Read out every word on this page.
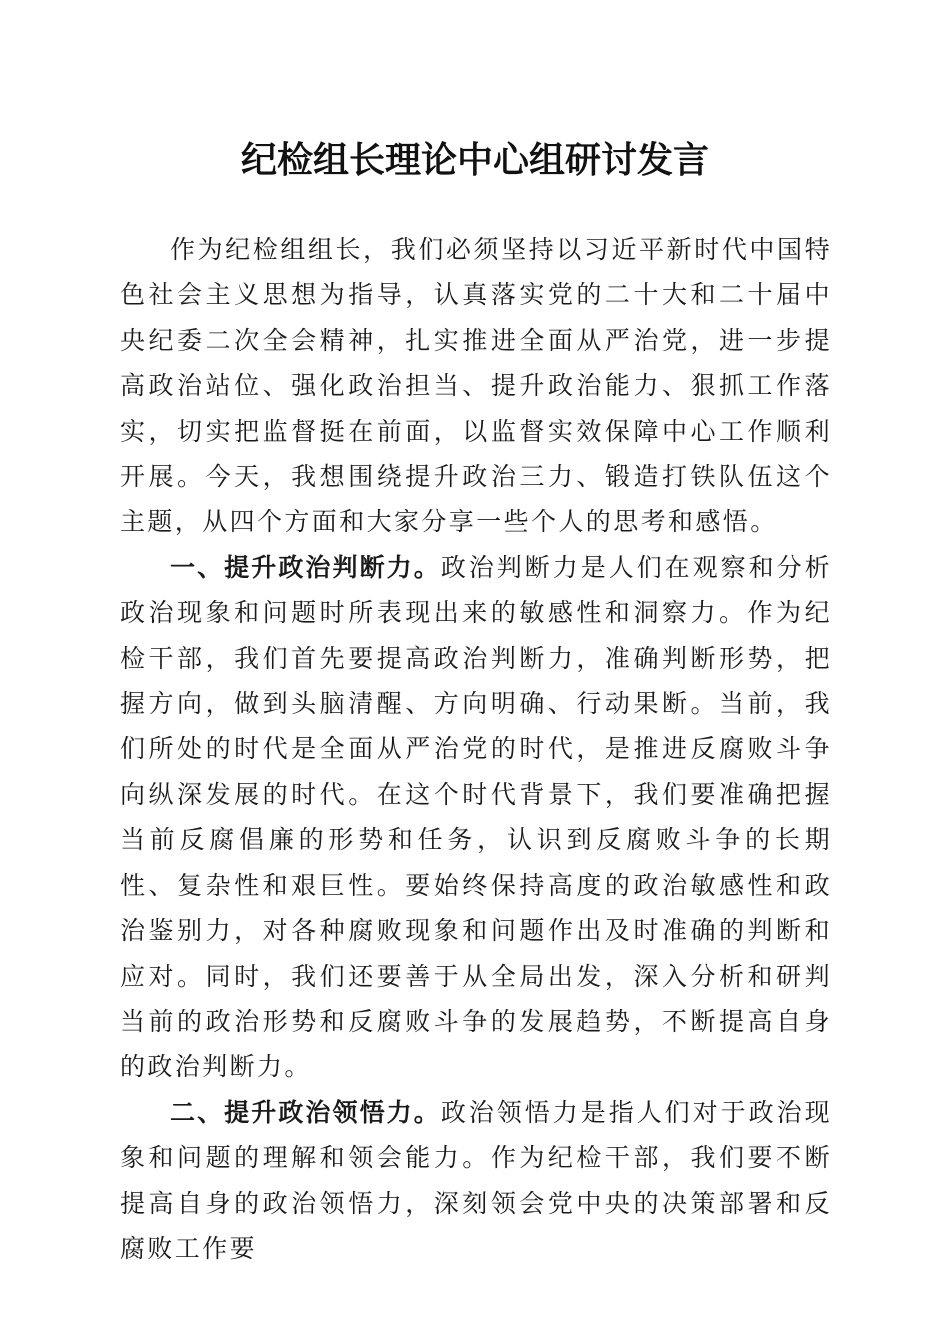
纪检组长理论中心组研讨发言

作为纪检组组长，我们必须坚持以习近平新时代中国特色社会主义思想为指导，认真落实党的二十大和二十届中央纪委二次全会精神，扎实推进全面从严治党，进一步提高政治站位、强化政治担当、提升政治能力、狠抓工作落实，切实把监督挺在前面，以监督实效保障中心工作顺利开展。今天，我想围绕提升政治三力、锻造打铁队伍这个主题，从四个方面和大家分享一些个人的思考和感悟。

一、提升政治判断力。政治判断力是人们在观察和分析政治现象和问题时所表现出来的敏感性和洞察力。作为纪检干部，我们首先要提高政治判断力，准确判断形势，把握方向，做到头脑清醒、方向明确、行动果断。当前，我们所处的时代是全面从严治党的时代，是推进反腐败斗争向纵深发展的时代。在这个时代背景下，我们要准确把握当前反腐倡廉的形势和任务，认识到反腐败斗争的长期性、复杂性和艰巨性。要始终保持高度的政治敏感性和政治鉴别力，对各种腐败现象和问题作出及时准确的判断和应对。同时，我们还要善于从全局出发，深入分析和研判当前的政治形势和反腐败斗争的发展趋势，不断提高自身的政治判断力。

二、提升政治领悟力。政治领悟力是指人们对于政治现象和问题的理解和领会能力。作为纪检干部，我们要不断提高自身的政治领悟力，深刻领会党中央的决策部署和反腐败工作要
